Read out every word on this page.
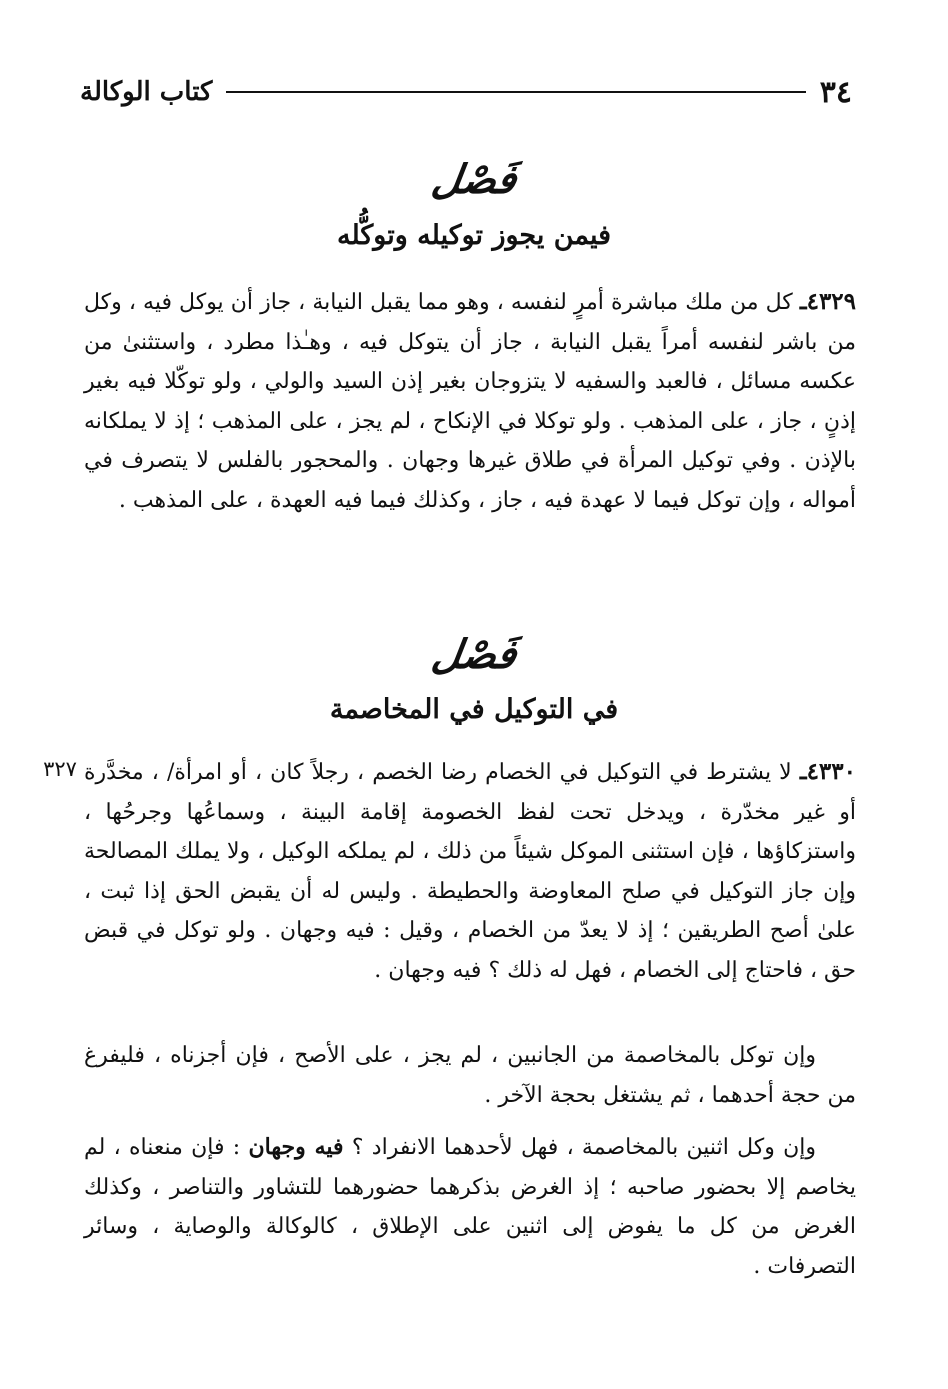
٣٤
كتاب الوكالة
فَصْل
فيمن يجوز توكيله وتوكُّله
٤٣٢٩ـ كل من ملك مباشرة أمرٍ لنفسه ، وهو مما يقبل النيابة ، جاز أن يوكل فيه ، وكل من باشر لنفسه أمراً يقبل النيابة ، جاز أن يتوكل فيه ، وهـٰذا مطرد ، واستثنىٰ من عكسه مسائل ، فالعبد والسفيه لا يتزوجان بغير إذن السيد والولي ، ولو توكّلا فيه بغير إذنٍ ، جاز ، على المذهب . ولو توكلا في الإنكاح ، لم يجز ، على المذهب ؛ إذ لا يملكانه بالإذن . وفي توكيل المرأة في طلاق غيرها وجهان . والمحجور بالفلس لا يتصرف في أمواله ، وإن توكل فيما لا عهدة فيه ، جاز ، وكذلك فيما فيه العهدة ، على المذهب .
فَصْل
في التوكيل في المخاصمة
٣٢٧	٤٣٣٠ـ لا يشترط في التوكيل في الخصام رضا الخصم ، رجلاً كان ، أو امرأة/ ، مخدَّرة أو غير مخدّرة ، ويدخل تحت لفظ الخصومة إقامة البينة ، وسماعُها وجرحُها ، واستزكاؤها ، فإن استثنى الموكل شيئاً من ذلك ، لم يملكه الوكيل ، ولا يملك المصالحة وإن جاز التوكيل في صلح المعاوضة والحطيطة . وليس له أن يقبض الحق إذا ثبت ، علىٰ أصح الطريقين ؛ إذ لا يعدّ من الخصام ، وقيل : فيه وجهان . ولو توكل في قبض حق ، فاحتاج إلى الخصام ، فهل له ذلك ؟ فيه وجهان .
وإن توكل بالمخاصمة من الجانبين ، لم يجز ، على الأصح ، فإن أجزناه ، فليفرغ من حجة أحدهما ، ثم يشتغل بحجة الآخر .
وإن وكل اثنين بالمخاصمة ، فهل لأحدهما الانفراد ؟ فيه وجهان : فإن منعناه ، لم يخاصم إلا بحضور صاحبه ؛ إذ الغرض بذكرهما حضورهما للتشاور والتناصر ، وكذلك الغرض من كل ما يفوض إلى اثنين على الإطلاق ، كالوكالة والوصاية ، وسائر التصرفات .
